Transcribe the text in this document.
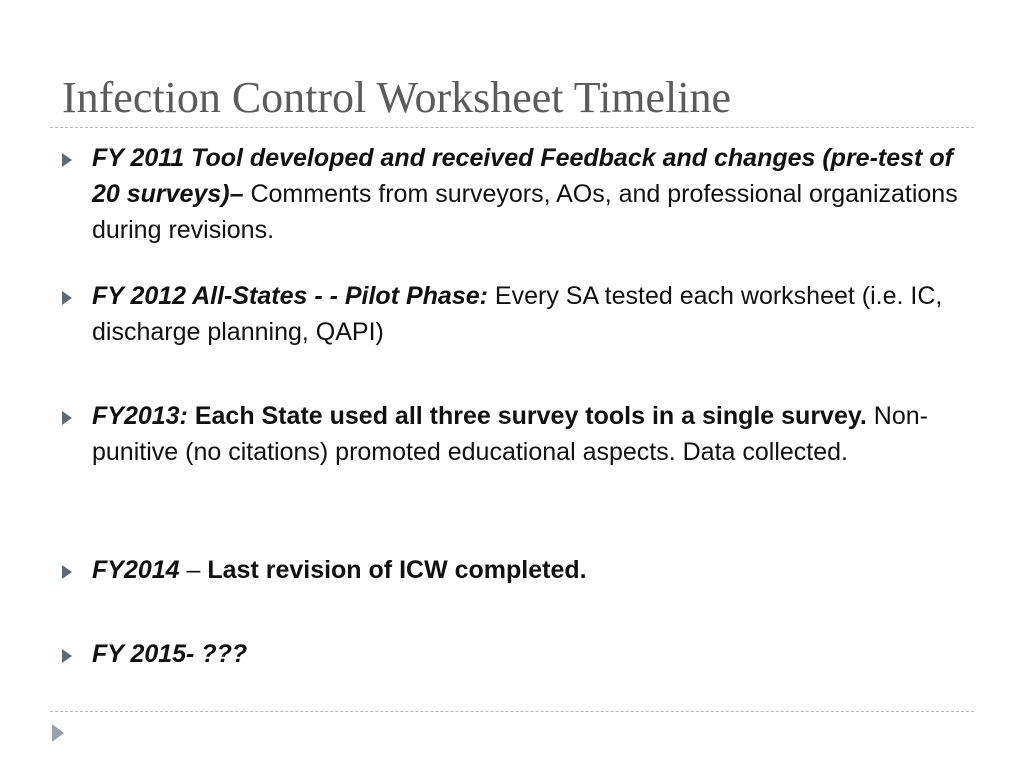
Infection Control Worksheet Timeline
FY 2011 Tool developed and received Feedback and changes (pre-test of 20 surveys)– Comments from surveyors, AOs, and professional organizations during revisions.
FY 2012 All-States - - Pilot Phase: Every SA tested each worksheet (i.e. IC, discharge planning, QAPI)
FY2013: Each State used all three survey tools in a single survey. Non-punitive (no citations) promoted educational aspects. Data collected.
FY2014 – Last revision of ICW completed.
FY 2015- ???
